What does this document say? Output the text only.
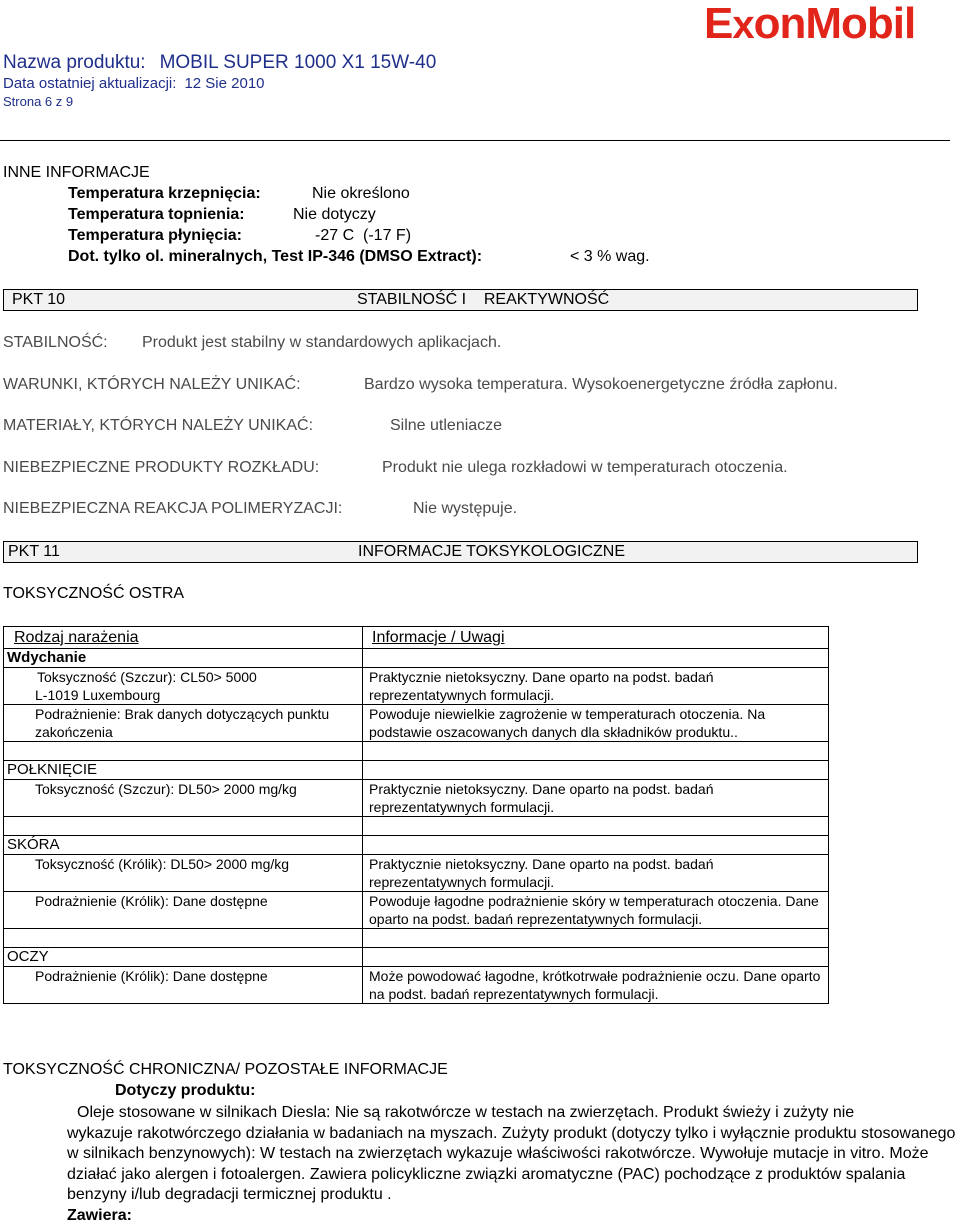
ExonMobil
Nazwa produktu: MOBIL SUPER 1000 X1 15W-40
Data ostatniej aktualizacji: 12 Sie 2010
Strona 6 z 9
INNE INFORMACJE
Temperatura krzepnięcia:	Nie określono
Temperatura topnienia:	Nie dotyczy
Temperatura płynięcia:	-27 C  (-17 F)
Dot. tylko ol. mineralnych, Test IP-346 (DMSO Extract):	< 3 % wag.
PKT 10	STABILNOŚĆ I    REAKTYWNOŚĆ
STABILNOŚĆ: Produkt jest stabilny w standardowych aplikacjach.
WARUNKI, KTÓRYCH NALEŻY UNIKAĆ:	Bardzo wysoka temperatura. Wysokoenergetyczne źródła zapłonu.
MATERIAŁY, KTÓRYCH NALEŻY UNIKAĆ:	Silne utleniacze
NIEBEZPIECZNE PRODUKTY ROZKŁADU:	Produkt nie ulega rozkładowi w temperaturach otoczenia.
NIEBEZPIECZNA REAKCJA POLIMERYZACJI:	Nie występuje.
PKT 11	INFORMACJE TOKSYKOLOGICZNE
TOKSYCZNOŚĆ OSTRA
Rodzaj narażenia	Informacje / Uwagi
Wdychanie	

Toksyczność (Szczur): CL50> 5000
L-1019 Luxembourg	Praktycznie nietoksyczny. Dane oparto na podst. badań reprezentatywnych formulacji.
Podrażnienie: Brak danych dotyczących punktu zakończenia	Powoduje niewielkie zagrożenie w temperaturach otoczenia. Na podstawie oszacowanych danych dla składników produktu..

POŁKNIĘCIE	
Toksyczność (Szczur): DL50> 2000 mg/kg	Praktycznie nietoksyczny. Dane oparto na podst. badań reprezentatywnych formulacji.

SKÓRA	
Toksyczność (Królik): DL50> 2000 mg/kg	Praktycznie nietoksyczny. Dane oparto na podst. badań reprezentatywnych formulacji.
Podrażnienie (Królik): Dane dostępne	Powoduje łagodne podrażnienie skóry w temperaturach otoczenia. Dane oparto na podst. badań reprezentatywnych formulacji.

OCZY	
Podrażnienie (Królik): Dane dostępne	Może powodować łagodne, krótkotrwałe podrażnienie oczu. Dane oparto na podst. badań reprezentatywnych formulacji.
TOKSYCZNOŚĆ CHRONICZNA/ POZOSTAŁE INFORMACJE
Dotyczy produktu:
Oleje stosowane w silnikach Diesla: Nie są rakotwórcze w testach na zwierzętach. Produkt świeży i zużyty nie
wykazuje rakotwórczego działania w badaniach na myszach. Zużyty produkt (dotyczy tylko i wyłącznie produktu stosowanego w silnikach benzynowych): W testach na zwierzętach wykazuje właściwości rakotwórcze. Wywołuje mutacje in vitro. Może działać jako alergen i fotoalergen. Zawiera policykliczne związki aromatyczne (PAC) pochodzące z produktów spalania benzyny i/lub degradacji termicznej produktu .
Zawiera:
